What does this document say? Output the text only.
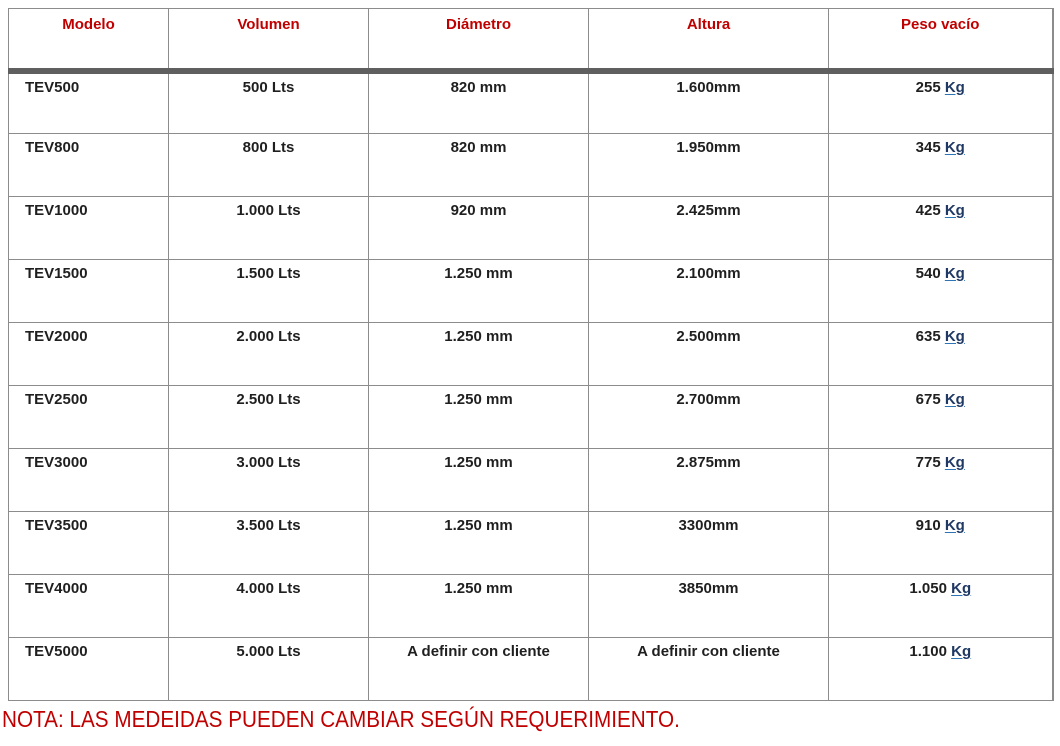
Modelo	Volumen	Diámetro	Altura	Peso vacío
TEV500	500 Lts	820 mm	1.600mm	255 Kg
TEV800	800 Lts	820 mm	1.950mm	345 Kg
TEV1000	1.000 Lts	920 mm	2.425mm	425 Kg
TEV1500	1.500 Lts	1.250 mm	2.100mm	540 Kg
TEV2000	2.000 Lts	1.250 mm	2.500mm	635 Kg
TEV2500	2.500 Lts	1.250 mm	2.700mm	675 Kg
TEV3000	3.000 Lts	1.250 mm	2.875mm	775 Kg
TEV3500	3.500 Lts	1.250 mm	3300mm	910 Kg
TEV4000	4.000 Lts	1.250 mm	3850mm	1.050 Kg
TEV5000	5.000 Lts	A definir con cliente	A definir con cliente	1.100 Kg
NOTA: LAS MEDEIDAS PUEDEN CAMBIAR SEGÚN REQUERIMIENTO.
